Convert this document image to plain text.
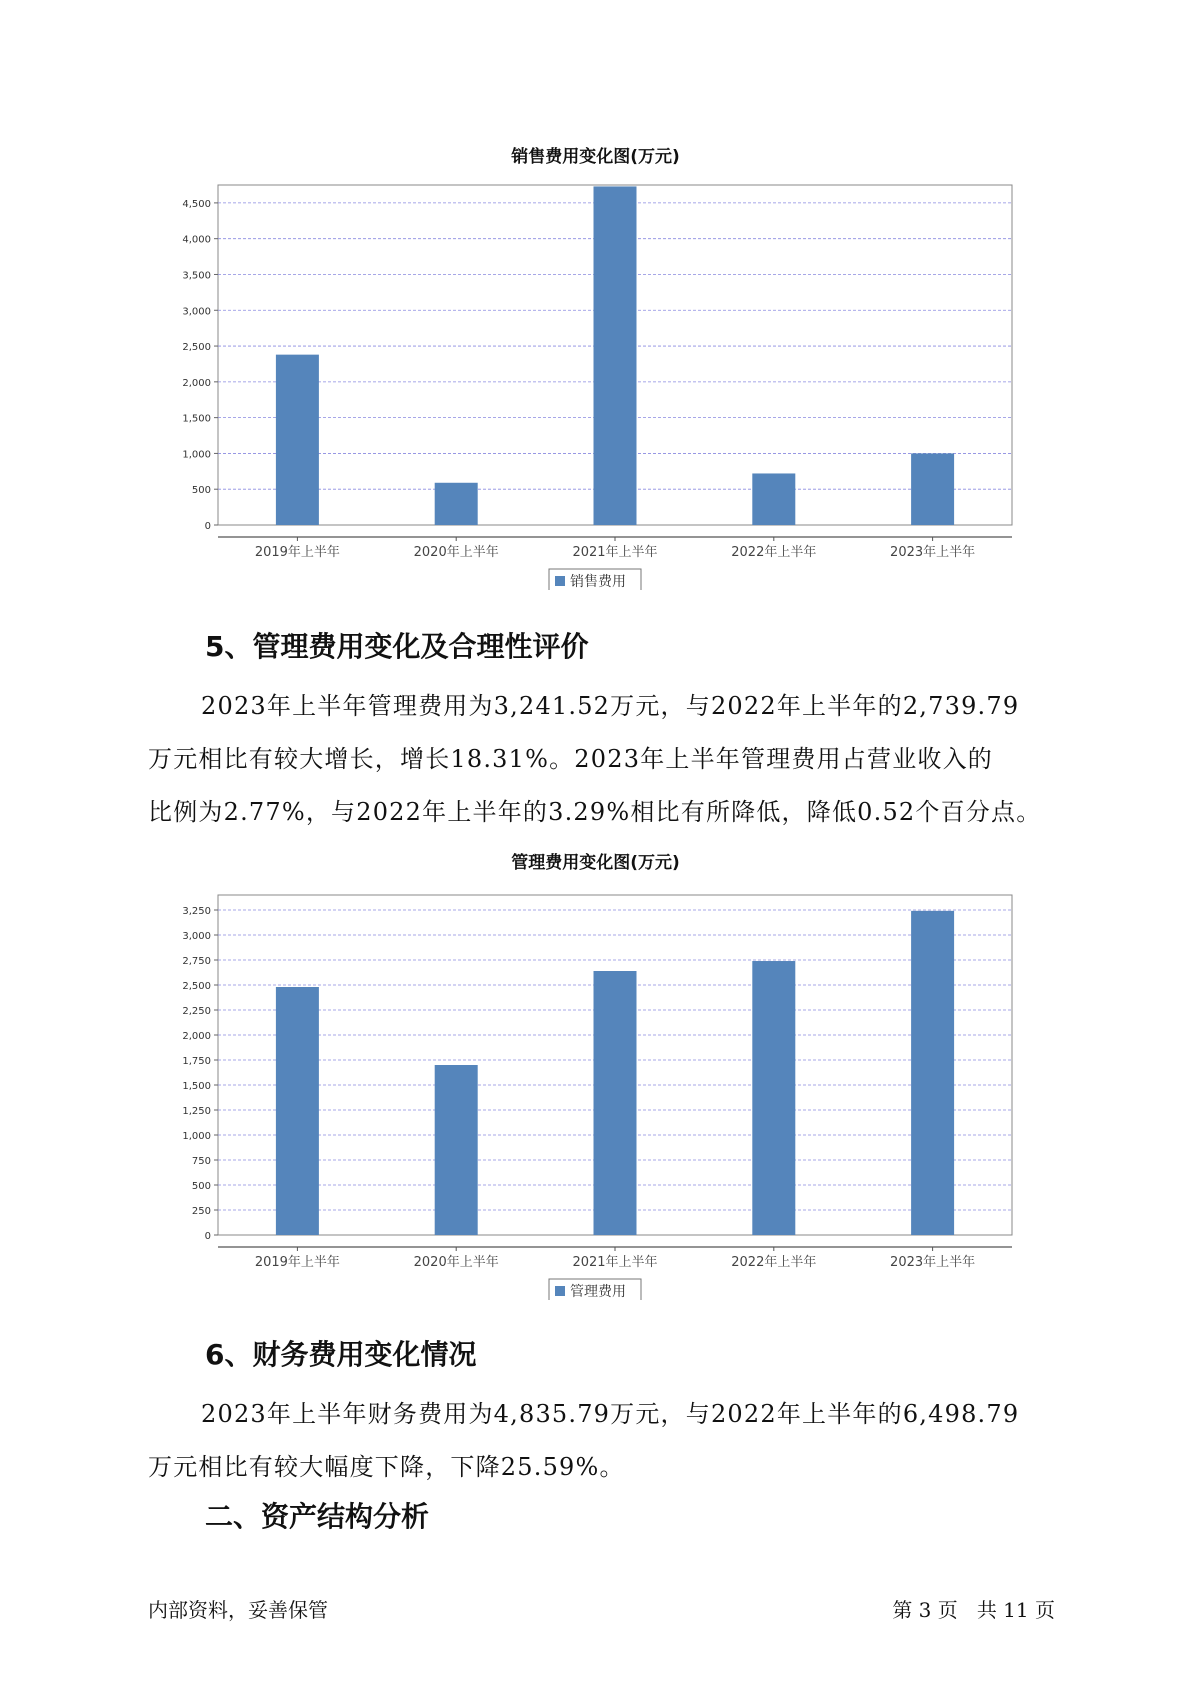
销售费用变化图(万元)
0
500
1,000
1,500
2,000
2,500
3,000
3,500
4,000
4,500
2019年上半年	2020年上半年	2021年上半年	2022年上半年	2023年上半年
销售费用
5、管理费用变化及合理性评价
2023年上半年管理费用为3,241.52万元，与2022年上半年的2,739.79
万元相比有较大增长，增长18.31%。2023年上半年管理费用占营业收入的
比例为2.77%，与2022年上半年的3.29%相比有所降低，降低0.52个百分点。
管理费用变化图(万元)
0
250
500
750
1,000
1,250
1,500
1,750
2,000
2,250
2,500
2,750
3,000
3,250
2019年上半年	2020年上半年	2021年上半年	2022年上半年	2023年上半年
管理费用
6、财务费用变化情况
2023年上半年财务费用为4,835.79万元，与2022年上半年的6,498.79
万元相比有较大幅度下降，下降25.59%。
二、资产结构分析
内部资料，妥善保管	第 3 页   共 11 页
